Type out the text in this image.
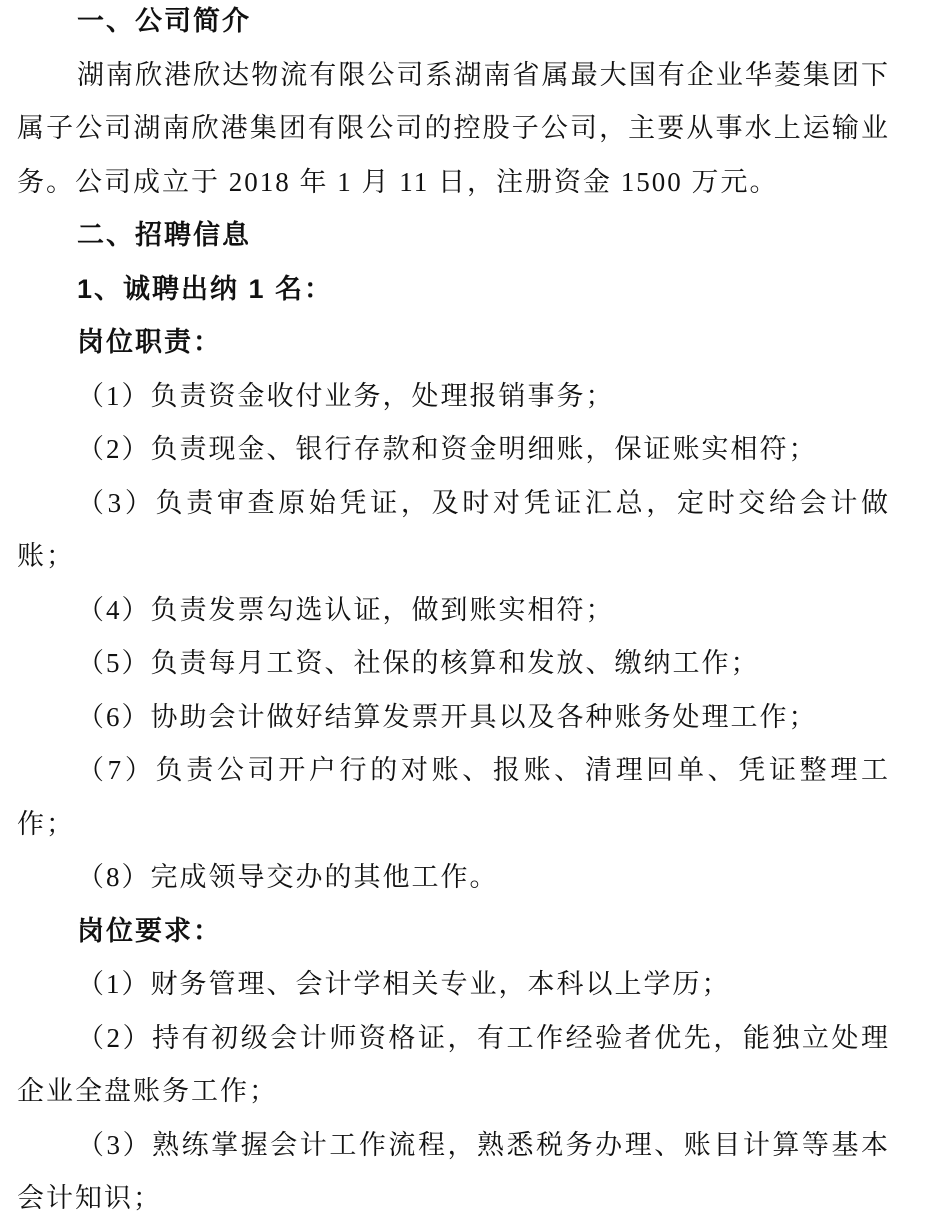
一、公司简介

湖南欣港欣达物流有限公司系湖南省属最大国有企业华菱集团下属子公司湖南欣港集团有限公司的控股子公司，主要从事水上运输业务。公司成立于 2018 年 1 月 11 日，注册资金 1500 万元。

二、招聘信息
1、诚聘出纳 1 名：
岗位职责：

（1）负责资金收付业务，处理报销事务；

（2）负责现金、银行存款和资金明细账，保证账实相符；

（3）负责审查原始凭证，及时对凭证汇总，定时交给会计做账；

（4）负责发票勾选认证，做到账实相符；

（5）负责每月工资、社保的核算和发放、缴纳工作；

（6）协助会计做好结算发票开具以及各种账务处理工作；

（7）负责公司开户行的对账、报账、清理回单、凭证整理工作；

（8）完成领导交办的其他工作。

岗位要求：

（1）财务管理、会计学相关专业，本科以上学历；

（2）持有初级会计师资格证，有工作经验者优先，能独立处理企业全盘账务工作；

（3）熟练掌握会计工作流程，熟悉税务办理、账目计算等基本会计知识；
